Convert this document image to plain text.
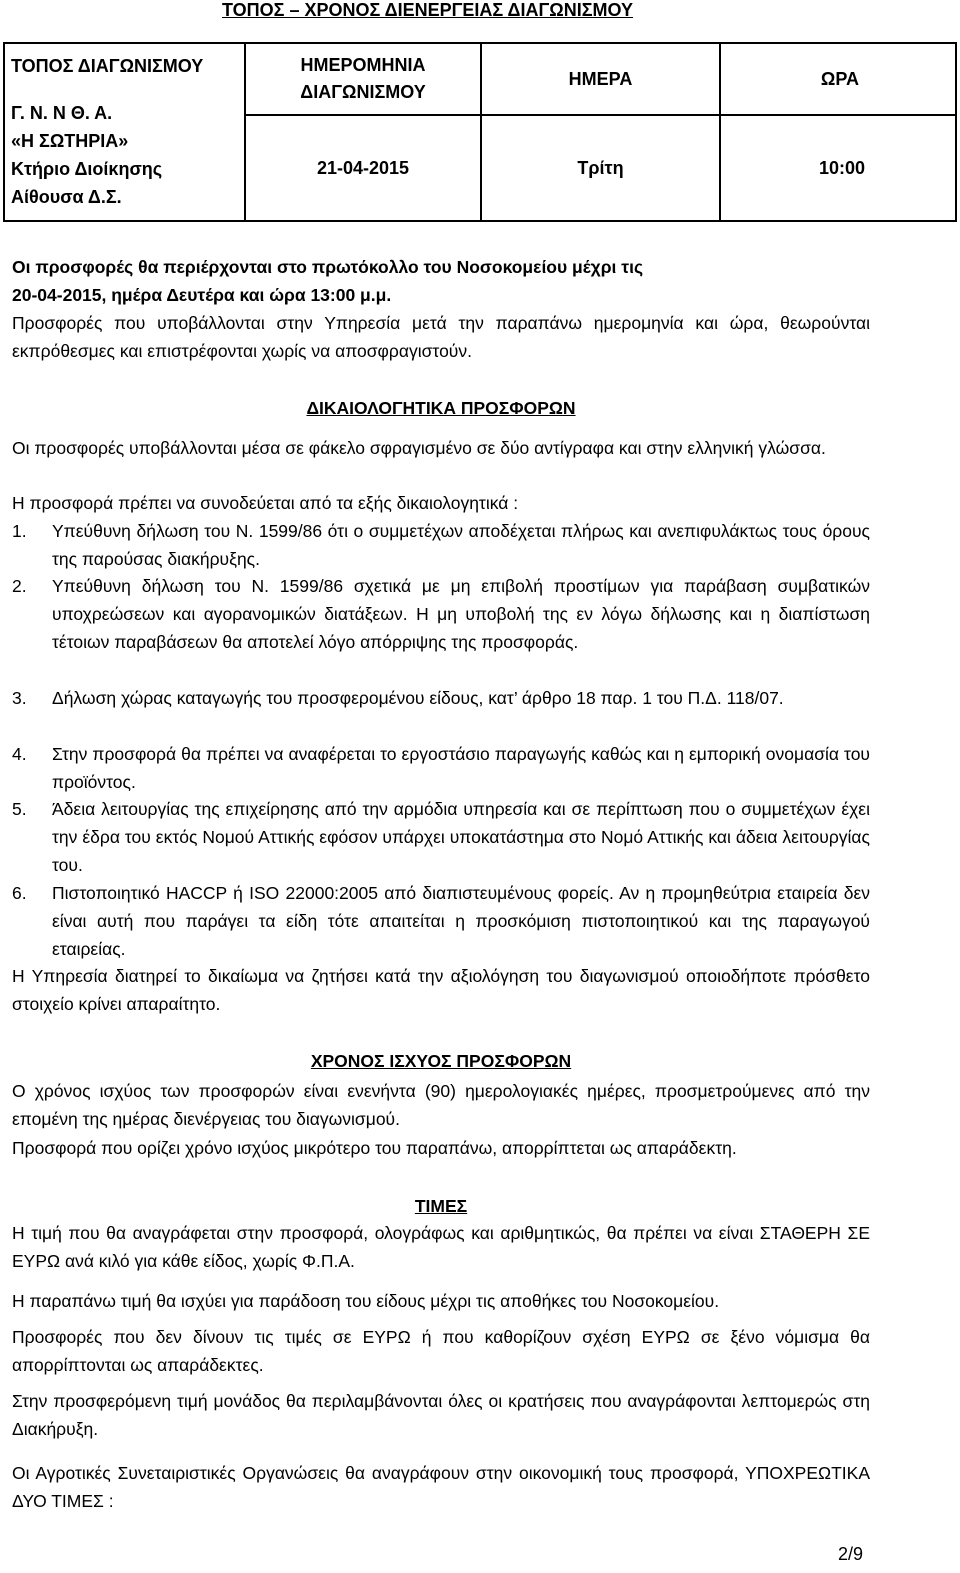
ΤΟΠΟΣ – ΧΡΟΝΟΣ ΔΙΕΝΕΡΓΕΙΑΣ ΔΙΑΓΩΝΙΣΜΟΥ
ΤΟΠΟΣ ΔΙΑΓΩΝΙΣΜΟΥ
Γ. Ν. Ν Θ. Α.
«Η ΣΩΤΗΡΙΑ»
Κτήριο Διοίκησης
Αίθουσα Δ.Σ.	ΗΜΕΡΟΜΗΝΙΑ ΔΙΑΓΩΝΙΣΜΟΥ	ΗΜΕΡΑ	ΩΡΑ
	21-04-2015	Τρίτη	10:00
Οι προσφορές θα περιέρχονται στο πρωτόκολλο του Νοσοκομείου μέχρι τις
20-04-2015, ημέρα Δευτέρα και ώρα 13:00 μ.μ.
Προσφορές που υποβάλλονται στην Υπηρεσία μετά την παραπάνω ημερομηνία και ώρα, θεωρούνται εκπρόθεσμες και επιστρέφονται χωρίς να αποσφραγιστούν.
ΔΙΚΑΙΟΛΟΓΗΤΙΚΑ ΠΡΟΣΦΟΡΩΝ
Οι προσφορές υποβάλλονται μέσα σε φάκελο σφραγισμένο σε δύο αντίγραφα και στην ελληνική γλώσσα.
Η προσφορά πρέπει να συνοδεύεται από τα εξής δικαιολογητικά :
1. Υπεύθυνη δήλωση του Ν. 1599/86 ότι ο συμμετέχων αποδέχεται πλήρως και ανεπιφυλάκτως τους όρους της παρούσας διακήρυξης.
2. Υπεύθυνη δήλωση του Ν. 1599/86 σχετικά με μη επιβολή προστίμων για παράβαση συμβατικών υποχρεώσεων και αγορανομικών διατάξεων. Η μη υποβολή της εν λόγω δήλωσης και η διαπίστωση τέτοιων παραβάσεων θα αποτελεί λόγο απόρριψης της προσφοράς.
3. Δήλωση χώρας καταγωγής του προσφερομένου είδους, κατ’ άρθρο 18 παρ. 1 του Π.Δ. 118/07.
4. Στην προσφορά θα πρέπει να αναφέρεται το εργοστάσιο παραγωγής καθώς και η εμπορική ονομασία του προϊόντος.
5. Άδεια λειτουργίας της επιχείρησης από την αρμόδια υπηρεσία και σε περίπτωση που ο συμμετέχων έχει την έδρα του εκτός Νομού Αττικής εφόσον υπάρχει υποκατάστημα στο Νομό Αττικής και άδεια λειτουργίας του.
6. Πιστοποιητικό HACCP ή ISO 22000:2005 από διαπιστευμένους φορείς. Αν η προμηθεύτρια εταιρεία δεν είναι αυτή που παράγει τα είδη τότε απαιτείται η προσκόμιση πιστοποιητικού και της παραγωγού εταιρείας.
Η Υπηρεσία διατηρεί το δικαίωμα να ζητήσει κατά την αξιολόγηση του διαγωνισμού οποιοδήποτε πρόσθετο στοιχείο κρίνει απαραίτητο.
ΧΡΟΝΟΣ ΙΣΧΥΟΣ ΠΡΟΣΦΟΡΩΝ
Ο χρόνος ισχύος των προσφορών είναι ενενήντα (90) ημερολογιακές ημέρες, προσμετρούμενες από την επομένη της ημέρας διενέργειας του διαγωνισμού.
Προσφορά που ορίζει χρόνο ισχύος μικρότερο του παραπάνω, απορρίπτεται ως απαράδεκτη.
ΤΙΜΕΣ
Η τιμή που θα αναγράφεται στην προσφορά, ολογράφως και αριθμητικώς, θα πρέπει να είναι ΣΤΑΘΕΡΗ ΣΕ ΕΥΡΩ ανά κιλό για κάθε είδος, χωρίς Φ.Π.Α.
Η παραπάνω τιμή θα ισχύει για παράδοση του είδους μέχρι τις αποθήκες του Νοσοκομείου.
Προσφορές που δεν δίνουν τις τιμές σε ΕΥΡΩ ή που καθορίζουν σχέση ΕΥΡΩ σε ξένο νόμισμα θα απορρίπτονται ως απαράδεκτες.
Στην προσφερόμενη τιμή μονάδος θα περιλαμβάνονται όλες οι κρατήσεις που αναγράφονται λεπτομερώς στη Διακήρυξη.
Οι Αγροτικές Συνεταιριστικές Οργανώσεις θα αναγράφουν στην οικονομική τους προσφορά, ΥΠΟΧΡΕΩΤΙΚΑ ΔΥΟ ΤΙΜΕΣ :
2/9
